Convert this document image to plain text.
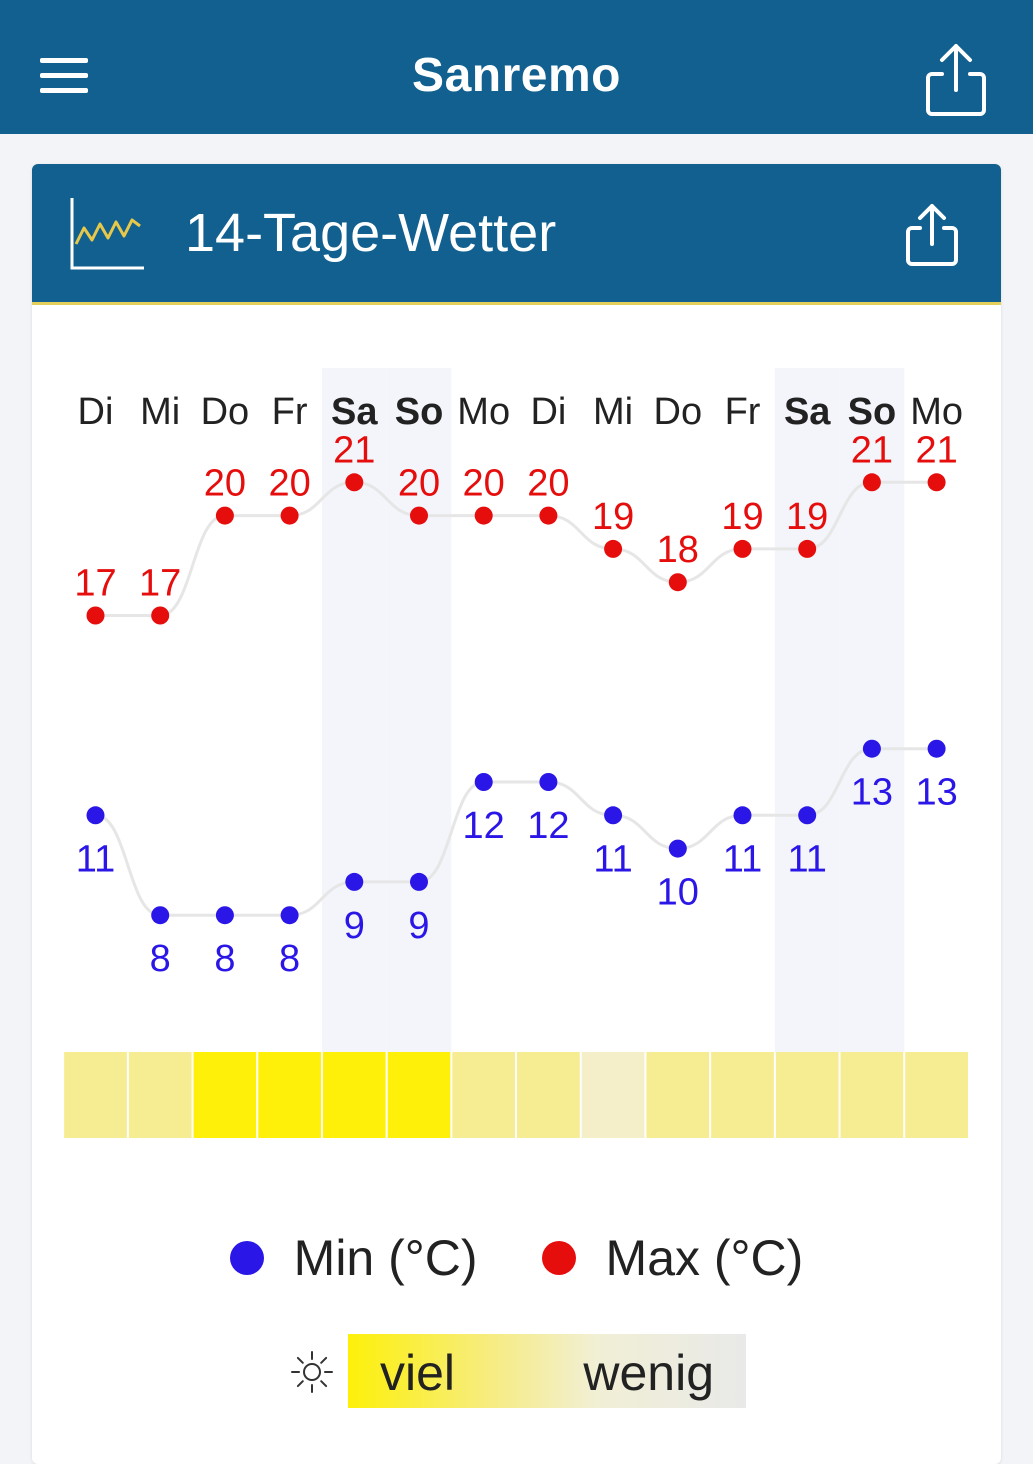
Sanremo
14-Tage-Wetter
Di Mi Do Fr Sa So Mo Di Mi Do Fr Sa So Mo
17 17
20 20
21
20 20 20
19
18
19 19
21 21
11
8 8 8
9 9
12 12
11
10
11 11
13 13
Min (°C)	Max (°C)
viel	wenig
